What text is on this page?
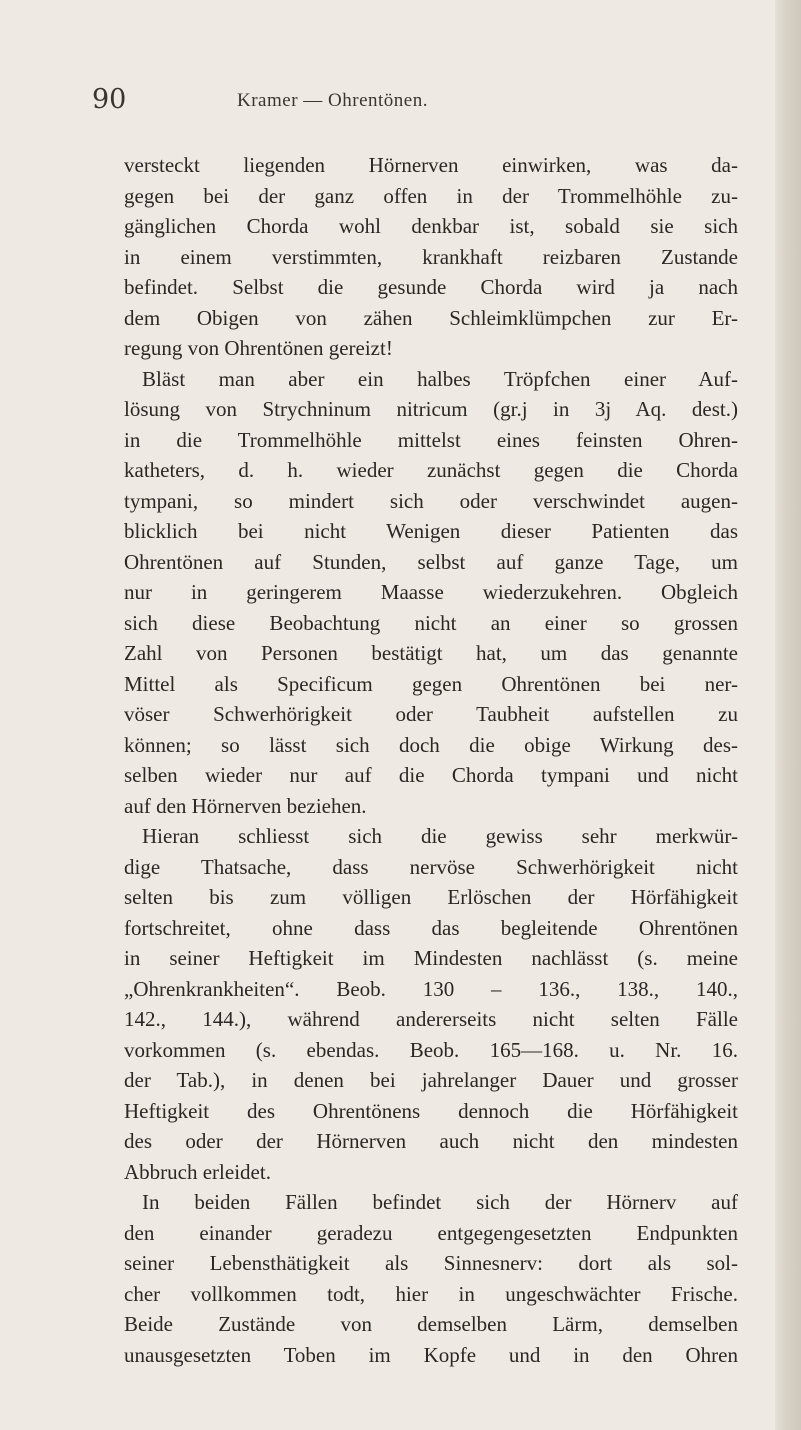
90	Kramer — Ohrentönen.
versteckt liegenden Hörnerven einwirken, was da-
gegen bei der ganz offen in der Trommelhöhle zu-
gänglichen Chorda wohl denkbar ist, sobald sie sich
in einem verstimmten, krankhaft reizbaren Zustande
befindet. Selbst die gesunde Chorda wird ja nach
dem Obigen von zähen Schleimklümpchen zur Er-
regung von Ohrentönen gereizt!
Bläst man aber ein halbes Tröpfchen einer Auf-
lösung von Strychninum nitricum (gr.j in 3j Aq. dest.)
in die Trommelhöhle mittelst eines feinsten Ohren-
katheters, d. h. wieder zunächst gegen die Chorda
tympani, so mindert sich oder verschwindet augen-
blicklich bei nicht Wenigen dieser Patienten das
Ohrentönen auf Stunden, selbst auf ganze Tage, um
nur in geringerem Maasse wiederzukehren. Obgleich
sich diese Beobachtung nicht an einer so grossen
Zahl von Personen bestätigt hat, um das genannte
Mittel als Specificum gegen Ohrentönen bei ner-
vöser Schwerhörigkeit oder Taubheit aufstellen zu
können; so lässt sich doch die obige Wirkung des-
selben wieder nur auf die Chorda tympani und nicht
auf den Hörnerven beziehen.
Hieran schliesst sich die gewiss sehr merkwür-
dige Thatsache, dass nervöse Schwerhörigkeit nicht
selten bis zum völligen Erlöschen der Hörfähigkeit
fortschreitet, ohne dass das begleitende Ohrentönen
in seiner Heftigkeit im Mindesten nachlässt (s. meine
„Ohrenkrankheiten“. Beob. 130 – 136., 138., 140.,
142., 144.), während andererseits nicht selten Fälle
vorkommen (s. ebendas. Beob. 165—168. u. Nr. 16.
der Tab.), in denen bei jahrelanger Dauer und grosser
Heftigkeit des Ohrentönens dennoch die Hörfähigkeit
des oder der Hörnerven auch nicht den mindesten
Abbruch erleidet.
In beiden Fällen befindet sich der Hörnerv auf
den einander geradezu entgegengesetzten Endpunkten
seiner Lebensthätigkeit als Sinnesnerv: dort als sol-
cher vollkommen todt, hier in ungeschwächter Frische.
Beide Zustände von demselben Lärm, demselben
unausgesetzten Toben im Kopfe und in den Ohren
